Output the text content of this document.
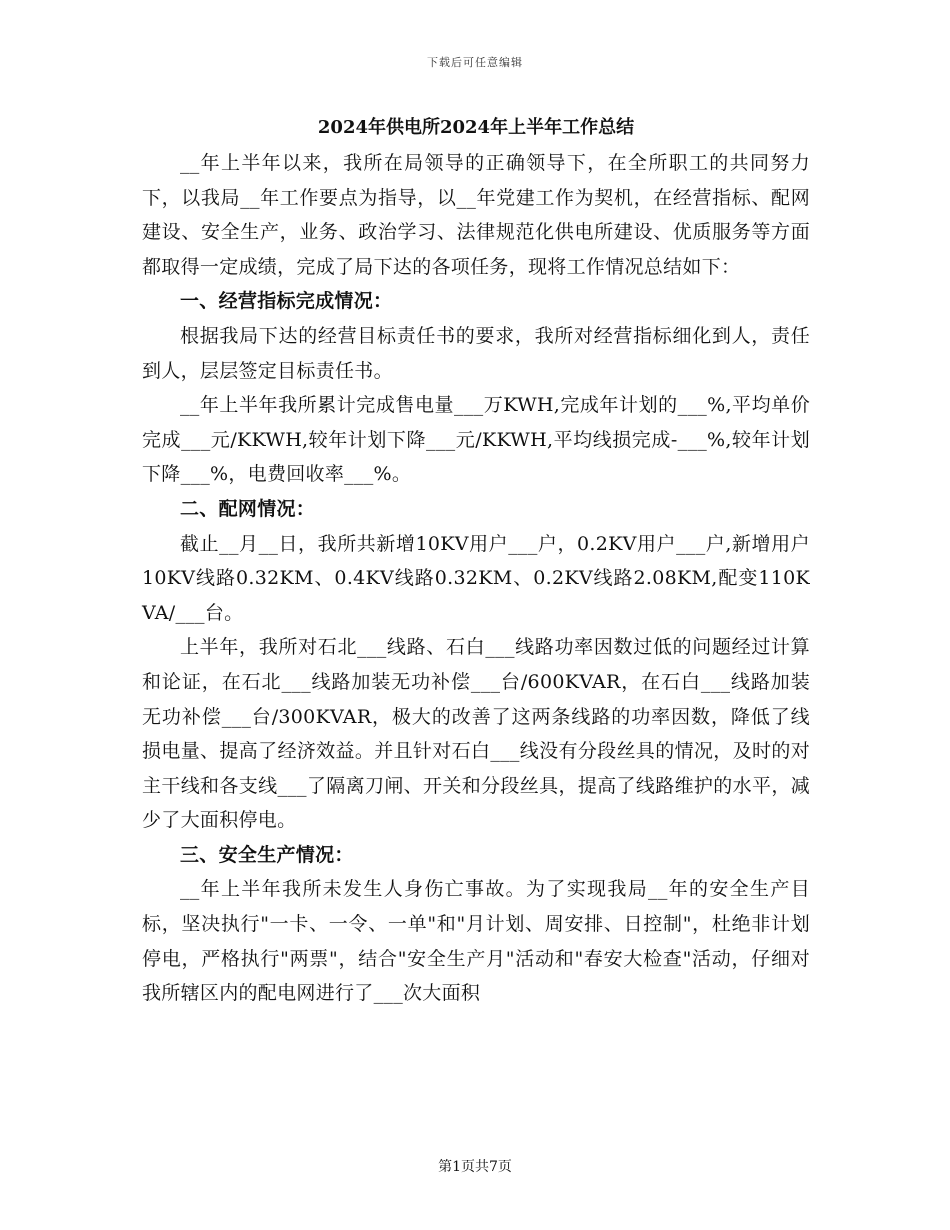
下载后可任意编辑
2024年供电所2024年上半年工作总结

__年上半年以来，我所在局领导的正确领导下，在全所职工的共同努力下，以我局__年工作要点为指导，以__年党建工作为契机，在经营指标、配网建设、安全生产，业务、政治学习、法律规范化供电所建设、优质服务等方面都取得一定成绩，完成了局下达的各项任务，现将工作情况总结如下：

一、经营指标完成情况：

根据我局下达的经营目标责任书的要求，我所对经营指标细化到人，责任到人，层层签定目标责任书。

__年上半年我所累计完成售电量___万KWH,完成年计划的___%,平均单价完成___元/KKWH,较年计划下降___元/KKWH,平均线损完成-___%,较年计划下降___%，电费回收率___%。

二、配网情况：

截止__月__日，我所共新增10KV用户___户，0.2KV用户___户,新增用户10KV线路0.32KM、0.4KV线路0.32KM、0.2KV线路2.08KM,配变110KVA/___台。

上半年，我所对石北___线路、石白___线路功率因数过低的问题经过计算和论证，在石北___线路加装无功补偿___台/600KVAR，在石白___线路加装无功补偿___台/300KVAR，极大的改善了这两条线路的功率因数，降低了线损电量、提高了经济效益。并且针对石白___线没有分段丝具的情况，及时的对主干线和各支线___了隔离刀闸、开关和分段丝具，提高了线路维护的水平，减少了大面积停电。

三、安全生产情况：

__年上半年我所未发生人身伤亡事故。为了实现我局__年的安全生产目标，坚决执行"一卡、一令、一单"和"月计划、周安排、日控制"，杜绝非计划停电，严格执行"两票"，结合"安全生产月"活动和"春安大检查"活动，仔细对我所辖区内的配电网进行了___次大面积

第1页共7页
